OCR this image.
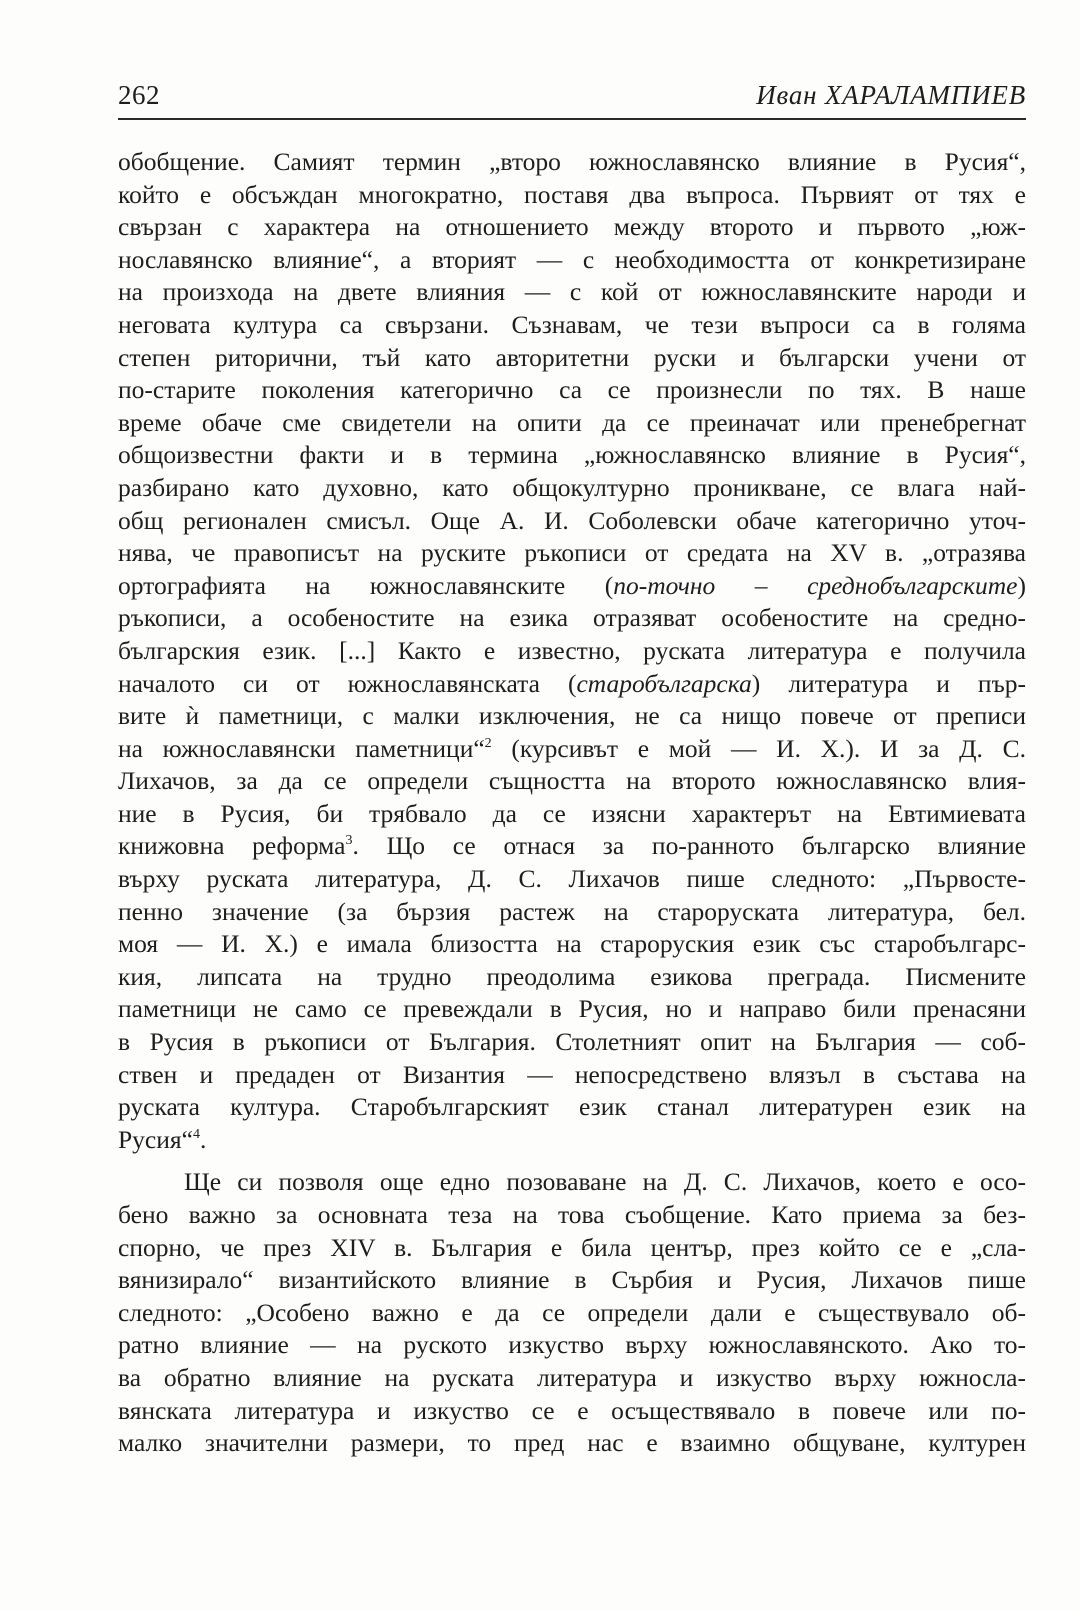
262	Иван ХАРАЛАМПИЕВ
обобщение. Самият термин „второ южнославянско влияние в Русия“,
който е обсъждан многократно, поставя два въпроса. Първият от тях е
свързан с характера на отношението между второто и първото „юж-
нославянско влияние“, а вторият — с необходимостта от конкретизиране
на произхода на двете влияния — с кой от южнославянските народи и
неговата култура са свързани. Съзнавам, че тези въпроси са в голяма
степен риторични, тъй като авторитетни руски и български учени от
по-старите поколения категорично са се произнесли по тях. В наше
време обаче сме свидетели на опити да се преиначат или пренебрегнат
общоизвестни факти и в термина „южнославянско влияние в Русия“,
разбирано като духовно, като общокултурно проникване, се влага най-
общ регионален смисъл. Още А. И. Соболевски обаче категорично уточ-
нява, че правописът на руските ръкописи от средата на XV в. „отразява
ортографията на южнославянските (по-точно – среднобългарските)
ръкописи, а особеностите на езика отразяват особеностите на средно-
българския език. [...] Както е известно, руската литература е получила
началото си от южнославянската (старобългарска) литература и пър-
вите ѝ паметници, с малки изключения, не са нищо повече от преписи
на южнославянски паметници“$^2$ (курсивът е мой — И. Х.). И за Д. С.
Лихачов, за да се определи същността на второто южнославянско влия-
ние в Русия, би трябвало да се изясни характерът на Евтимиевата
книжовна реформа$^3$. Що се отнася за по-ранното българско влияние
върху руската литература, Д. С. Лихачов пише следното: „Първосте-
пенно значение (за бързия растеж на староруската литература, бел.
моя — И. Х.) е имала близостта на староруския език със старобългарс-
кия, липсата на трудно преодолима езикова преграда. Писмените
паметници не само се превеждали в Русия, но и направо били пренасяни
в Русия в ръкописи от България. Столетният опит на България — соб-
ствен и предаден от Византия — непосредствено влязъл в състава на
руската култура. Старобългарският език станал литературен език на
Русия“$^4$.
Ще си позволя още едно позоваване на Д. С. Лихачов, което е осо-
бено важно за основната теза на това съобщение. Като приема за без-
спорно, че през XIV в. България е била център, през който се е „сла-
вянизирало“ византийското влияние в Сърбия и Русия, Лихачов пише
следното: „Особено важно е да се определи дали е съществувало об-
ратно влияние — на руското изкуство върху южнославянското. Ако то-
ва обратно влияние на руската литература и изкуство върху южносла-
вянската литература и изкуство се е осъществявало в повече или по-
малко значителни размери, то пред нас е взаимно общуване, културен
